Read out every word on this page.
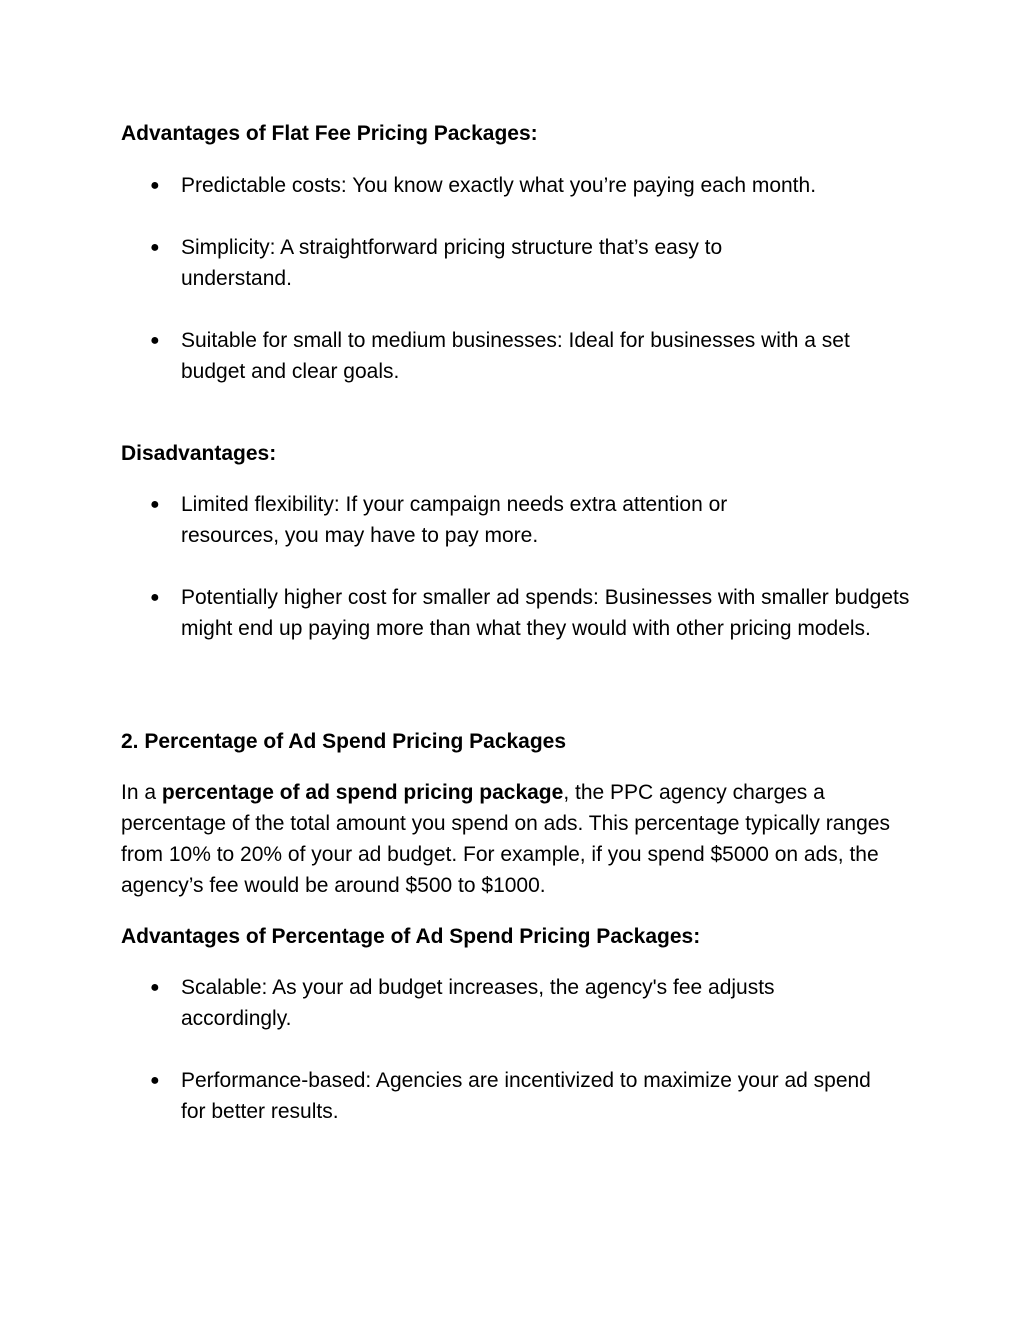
Advantages of Flat Fee Pricing Packages:
●	Predictable costs: You know exactly what you’re paying each month.
●	Simplicity: A straightforward pricing structure that’s easy to understand.
●	Suitable for small to medium businesses: Ideal for businesses with a set budget and clear goals.
Disadvantages:
●	Limited flexibility: If your campaign needs extra attention or resources, you may have to pay more.
●	Potentially higher cost for smaller ad spends: Businesses with smaller budgets might end up paying more than what they would with other pricing models.
2. Percentage of Ad Spend Pricing Packages

In a percentage of ad spend pricing package, the PPC agency charges a percentage of the total amount you spend on ads. This percentage typically ranges from 10% to 20% of your ad budget. For example, if you spend $5000 on ads, the agency’s fee would be around $500 to $1000.

Advantages of Percentage of Ad Spend Pricing Packages:
●	Scalable: As your ad budget increases, the agency's fee adjusts accordingly.
●	Performance-based: Agencies are incentivized to maximize your ad spend for better results.
